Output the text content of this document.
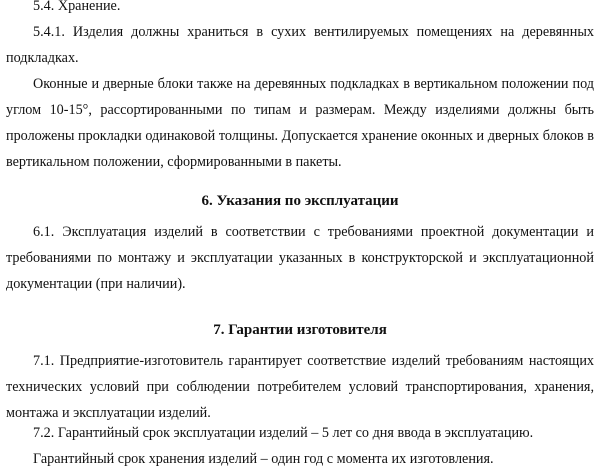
5.4. Хранение.

5.4.1. Изделия должны храниться в сухих вентилируемых помещениях на деревянных подкладках.

Оконные и дверные блоки также на деревянных подкладках в вертикальном положении под углом 10-15°, рассортированными по типам и размерам. Между изделиями должны быть проложены прокладки одинаковой толщины. Допускается хранение оконных и дверных блоков в вертикальном положении, сформированными в пакеты.

6. Указания по эксплуатации

6.1. Эксплуатация изделий в соответствии с требованиями проектной документации и требованиями по монтажу и эксплуатации указанных в конструкторской и эксплуатационной документации (при наличии).

7. Гарантии изготовителя

7.1. Предприятие-изготовитель гарантирует соответствие изделий требованиям настоящих технических условий при соблюдении потребителем условий транспортирования, хранения, монтажа и эксплуатации изделий.

7.2. Гарантийный срок эксплуатации изделий – 5 лет со дня ввода в эксплуатацию.

Гарантийный срок хранения изделий – один год с момента их изготовления.
